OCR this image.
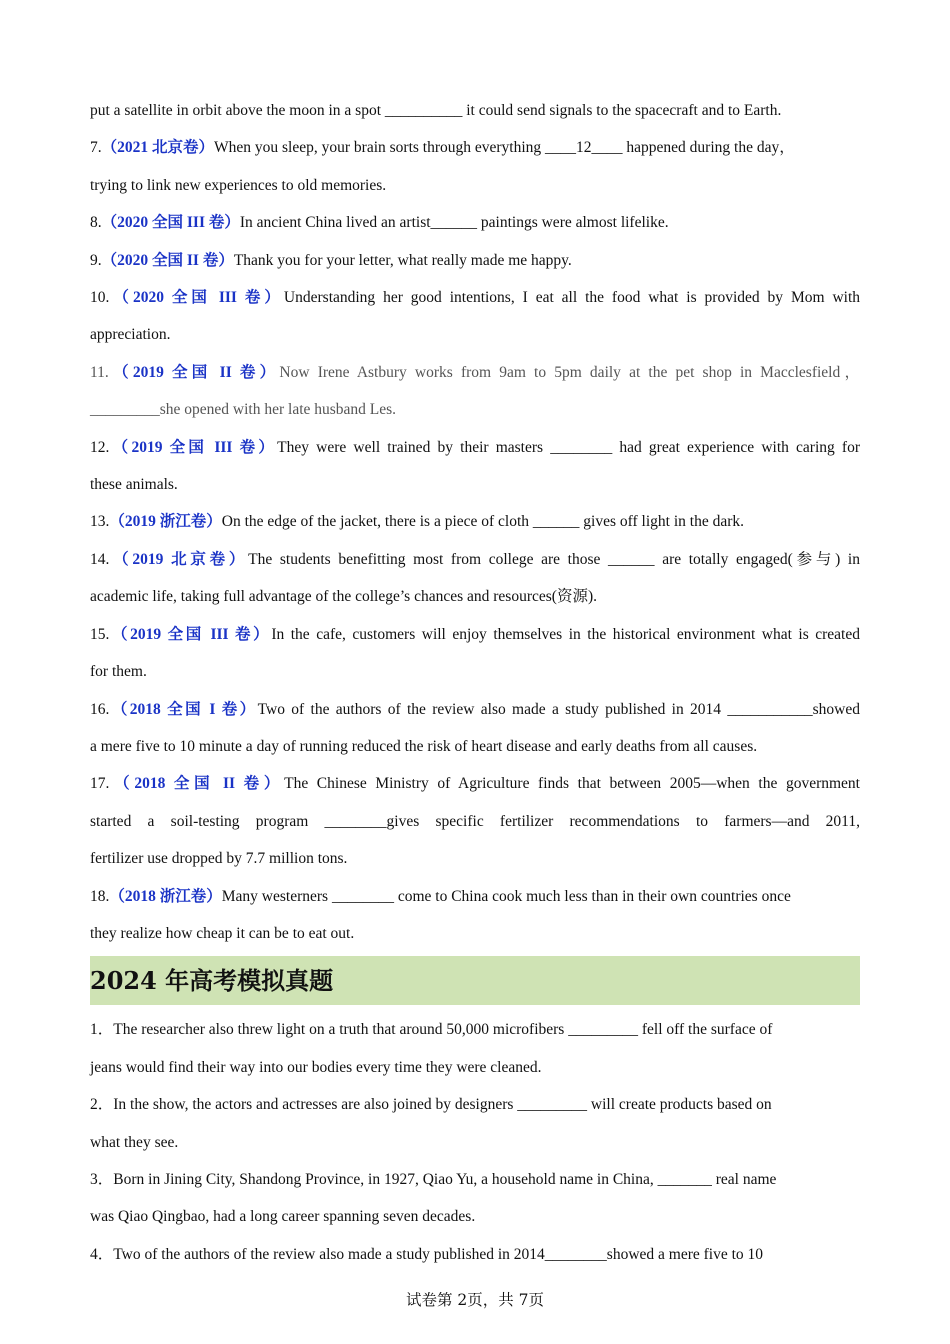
put a satellite in orbit above the moon in a spot __________ it could send signals to the spacecraft and to Earth.
7.（2021 北京卷）When you sleep, your brain sorts through everything ____12____ happened during the day，
trying to link new experiences to old memories.
8.（2020 全国 III 卷）In ancient China lived an artist______ paintings were almost lifelike.
9.（2020 全国 II 卷）Thank you for your letter, what really made me happy.
10.（2020 全国 III 卷）Understanding her good intentions, I eat all the food what is provided by Mom with
appreciation.
11.（2019 全国 II 卷）Now Irene Astbury works from 9am to 5pm daily at the pet shop in Macclesfield，
_________she opened with her late husband Les.
12.（2019 全国 III 卷）They were well trained by their masters ________ had great experience with caring for
these animals.
13.（2019 浙江卷）On the edge of the jacket, there is a piece of cloth ______ gives off light in the dark.
14.（2019 北京卷）The students benefitting most from college are those ______ are totally engaged(参与) in
academic life, taking full advantage of the college’s chances and resources(资源).
15.（2019 全国 III 卷）In the cafe, customers will enjoy themselves in the historical environment what is created
for them.
16.（2018 全国 I 卷）Two of the authors of the review also made a study published in 2014 ___________showed
a mere five to 10 minute a day of running reduced the risk of heart disease and early deaths from all causes.
17.（2018 全国 II 卷）The Chinese Ministry of Agriculture finds that between 2005—when the government
started a soil-testing program ________gives specific fertilizer recommendations to farmers—and 2011,
fertilizer use dropped by 7.7 million tons.
18.（2018 浙江卷）Many westerners ________ come to China cook much less than in their own countries once
they realize how cheap it can be to eat out.
2024 年高考模拟真题
1．The researcher also threw light on a truth that around 50,000 microfibers _________ fell off the surface of
jeans would find their way into our bodies every time they were cleaned.
2．In the show, the actors and actresses are also joined by designers _________ will create products based on
what they see.
3．Born in Jining City, Shandong Province, in 1927, Qiao Yu, a household name in China, _______ real name
was Qiao Qingbao, had a long career spanning seven decades.
4．Two of the authors of the review also made a study published in 2014________showed a mere five to 10
试卷第 2页，共 7页
